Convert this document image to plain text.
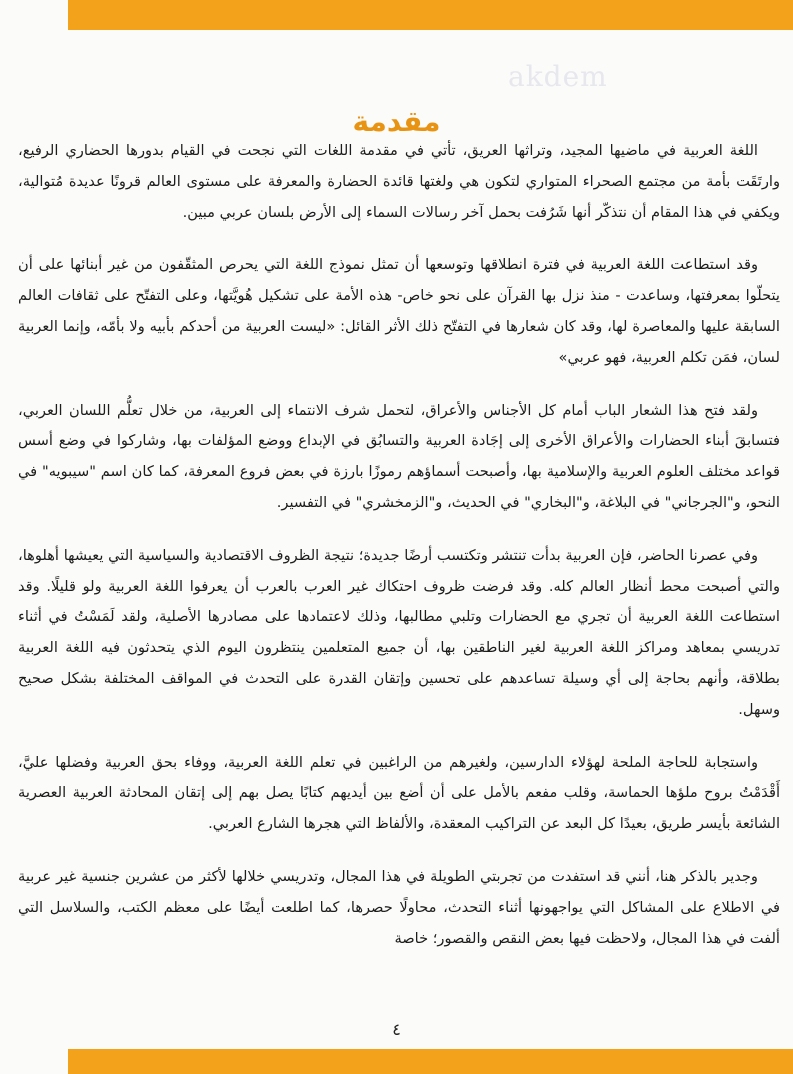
akdem
مقدمة

اللغة العربية في ماضيها المجيد، وتراثها العريق، تأتي في مقدمة اللغات التي نجحت في القيام بدورها الحضاري الرفيع، وارتَقَت بأمة من مجتمع الصحراء المتواري لتكون هي ولغتها قائدة الحضارة والمعرفة على مستوى العالم قرونًا عديدة مُتوالية، ويكفي في هذا المقام أن نتذكّر أنها شَرُفت بحمل آخر رسالات السماء إلى الأرض بلسان عربي مبين.

وقد استطاعت اللغة العربية في فترة انطلاقها وتوسعها أن تمثل نموذج اللغة التي يحرص المثقّفون من غير أبنائها على أن يتحلّوا بمعرفتها، وساعدت - منذ نزل بها القرآن على نحو خاص- هذه الأمة على تشكيل هُويَّتها، وعلى التفتّح على ثقافات العالم السابقة عليها والمعاصرة لها، وقد كان شعارها في التفتّح ذلك الأثر القائل: «ليست العربية من أحدكم بأبيه ولا بأمّه، وإنما العربية لسان، فمَن تكلم العربية، فهو عربي»

ولقد فتح هذا الشعار الباب أمام كل الأجناس والأعراق، لتحمل شرف الانتماء إلى العربية، من خلال تعلُّم اللسان العربي، فتسابقَ أبناء الحضارات والأعراق الأخرى إلى إجَادة العربية والتسابُق في الإبداع ووضع المؤلفات بها، وشاركوا في وضع أسس قواعد مختلف العلوم العربية والإسلامية بها، وأصبحت أسماؤهم رموزًا بارزة في بعض فروع المعرفة، كما كان اسم "سيبويه" في النحو، و"الجرجاني" في البلاغة، و"البخاري" في الحديث، و"الزمخشري" في التفسير.

وفي عصرنا الحاضر، فإن العربية بدأت تنتشر وتكتسب أرضًا جديدة؛ نتيجة الظروف الاقتصادية والسياسية التي يعيشها أهلوها، والتي أصبحت محط أنظار العالم كله. وقد فرضت ظروف احتكاك غير العرب بالعرب أن يعرفوا اللغة العربية ولو قليلًا. وقد استطاعت اللغة العربية أن تجري مع الحضارات وتلبي مطالبها، وذلك لاعتمادها على مصادرها الأصلية، ولقد لَمَسْتُ في أثناء تدريسي بمعاهد ومراكز اللغة العربية لغير الناطقين بها، أن جميع المتعلمين ينتظرون اليوم الذي يتحدثون فيه اللغة العربية بطلاقة، وأنهم بحاجة إلى أي وسيلة تساعدهم على تحسين وإتقان القدرة على التحدث في المواقف المختلفة بشكل صحيح وسهل.

واستجابة للحاجة الملحة لهؤلاء الدارسين، ولغيرهم من الراغبين في تعلم اللغة العربية، ووفاء بحق العربية وفضلها عليَّ، أَقْدَمْتُ بروح ملؤها الحماسة، وقلب مفعم بالأمل على أن أضع بين أيديهم كتابًا يصل بهم إلى إتقان المحادثة العربية العصرية الشائعة بأيسر طريق، بعيدًا كل البعد عن التراكيب المعقدة، والألفاظ التي هجرها الشارع العربي.

وجدير بالذكر هنا، أنني قد استفدت من تجربتي الطويلة في هذا المجال، وتدريسي خلالها لأكثر من عشرين جنسية غير عربية في الاطلاع على المشاكل التي يواجهونها أثناء التحدث، محاولًا حصرها، كما اطلعت أيضًا على معظم الكتب، والسلاسل التي ألفت في هذا المجال، ولاحظت فيها بعض النقص والقصور؛ خاصة

٤
